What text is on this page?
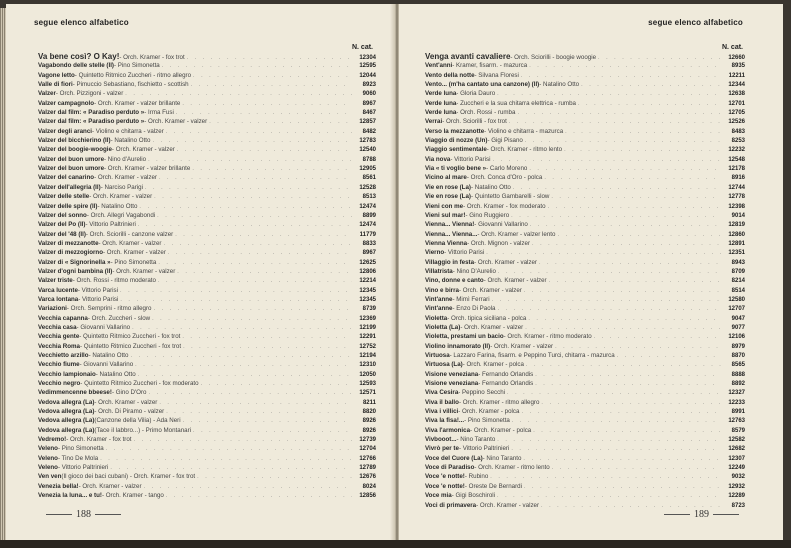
segue elenco alfabetico
N. cat.
Va bene così? O Kay! - Orch. Kramer - fox trot . . .	12304
Vagabondo delle stelle (Il) - Pino Simonetta . . .	12595
Vagone letto - Quintetto Ritmico Zuccheri - ritmo allegro . . .	12044
Valle di fiori - Pimuccio Sebastiano, fischietto - scottish . . .	8923
Valzer - Orch. Pizzigoni - valzer . . .	9060
Valzer campagnolo - Orch. Kramer - valzer brillante . . .	8967
Valzer dal film: « Paradiso perduto » - Irma Fusi . . .	8467
Valzer dal film: « Paradiso perduto » - Orch. Kramer - valzer . . .	12857
Valzer degli aranci - Violino e chitarra - valzer . . .	8482
Valzer del bicchierino (Il) - Natalino Otto . . .	12783
Valzer del boogie-woogie - Orch. Kramer - valzer . . .	12540
Valzer del buon umore - Nino d'Aurelio . . .	8788
Valzer del buon umore - Orch. Kramer - valzer brillante . . .	12905
Valzer del canarino - Orch. Kramer - valzer . . .	8561
Valzer dell'allegria (Il) - Narciso Parigi . . .	12528
Valzer delle stelle - Orch. Kramer - valzer . . .	8513
Valzer delle spire (Il) - Natalino Otto . . .	12474
Valzer del sonno - Orch. Allegri Vagabondi . . .	8899
Valzer del Po (Il) - Vittorio Paltrinieri . . .	12474
Valzer del '48 (Il) - Orch. Sciorilli - canzone valzer . . .	11779
Valzer di mezzanotte - Orch. Kramer - valzer . . .	8833
Valzer di mezzogiorno - Orch. Kramer - valzer . . .	8967
Valzer di « Signorinella » - Pino Simonetta . . .	12625
Valzer d'ogni bambina (Il) - Orch. Kramer - valzer . . .	12806
Valzer triste - Orch. Rossi - ritmo moderato . . .	12214
Varca lucente - Vittorio Parisi . . .	12345
Varca lontana - Vittorio Parisi . . .	12345
Variazioni - Orch. Semprini - ritmo allegro . . .	8739
Vecchia capanna - Orch. Zuccheri - slow . . .	12369
Vecchia casa - Giovanni Vallarino . . .	12199
Vecchia gente - Quintetto Ritmico Zuccheri - fox trot . . .	12291
Vecchia Roma - Quintetto Ritmico Zuccheri - fox trot . . .	12752
Vecchietto arzillo - Natalino Otto . . .	12194
Vecchio fiume - Giovanni Vallarino . . .	12310
Vecchio lampionaio - Natalino Otto . . .	12050
Vecchio negro - Quintetto Ritmico Zuccheri - fox moderato . . .	12593
Vedimmencenne bbeese! - Gino D'Oro . . .	12571
Vedova allegra (La) - Orch. Kramer - valzer . . .	8211
Vedova allegra (La) - Orch. Di Piramo - valzer . . .	8820
Vedova allegra (La) (Canzone della Vilia) - Ada Neri . . .	8926
Vedova allegra (La) (Tace il labbro...) - Primo Montanari . . .	8926
Vedremo! - Orch. Kramer - fox trot . . .	12739
Veleno - Pino Simonetta . . .	12704
Veleno - Tino De Mola . . .	12766
Veleno - Vittorio Paltrinieri . . .	12789
Ven ven (Il gioco dei baci cubani) - Orch. Kramer - fox trot . . .	12676
Venezia bella! - Orch. Kramer - valzer . . .	8024
Venezia la luna... e tu! - Orch. Kramer - tango . . .	12856
188
segue elenco alfabetico
N. cat.
Venga avanti cavaliere - Orch. Sciorilli - boogie woogie . . .	12660
Vent'anni - Kramer, fisarm. - mazurca . . .	8935
Vento della notte - Silvana Floresi . . .	12211
Vento... (m'ha cantato una canzone) (Il) - Natalino Otto . . .	12344
Verde luna - Gloria Dauro . . .	12638
Verde luna - Zuccheri e la sua chitarra elettrica - rumba . . .	12701
Verde luna - Orch. Rossi - rumba . . .	12705
Verrai - Orch. Sciorilli - fox trot . . .	12526
Verso la mezzanotte - Violino e chitarra - mazurca . . .	8483
Viaggio di nozze (Un) - Gigi Pisano . . .	8253
Viaggio sentimentale - Orch. Kramer - ritmo lento . . .	12232
Via nova - Vittorio Parisi . . .	12548
Via « ti voglio bene » - Carlo Moreno . . .	12178
Vicino al mare - Orch. Conca d'Oro - polca . . .	8916
Vie en rose (La) - Natalino Otto . . .	12744
Vie en rose (La) - Quintetto Gambarelli - slow . . .	12778
Vieni con me - Orch. Kramer - fox moderato . . .	12398
Vieni sul mar! - Gino Ruggiero . . .	9014
Vienna... Vienna! - Giovanni Vallarino . . .	12819
Vienna... Vienna... - Orch. Kramer - valzer lento . . .	12860
Vienna Vienna - Orch. Mignon - valzer . . .	12891
Vierno - Vittorio Parisi . . .	12351
Villaggio in festa - Orch. Kramer - valzer . . .	8943
Villatrista - Nino D'Aurelio . . .	8709
Vino, donne e canto - Orch. Kramer - valzer . . .	8214
Vino e birra - Orch. Kramer - valzer . . .	8514
Vint'anne - Mimì Ferrari . . .	12580
Vint'anne - Enzo Di Paola . . .	12707
Violetta - Orch. tipica siciliana - polca . . .	9047
Violetta (La) - Orch. Kramer - valzer . . .	9077
Violetta, prestami un bacio - Orch. Kramer - ritmo moderato . . .	12106
Violino innamorato (Il) - Orch. Kramer - valzer . . .	8979
Virtuosa - Lazzaro Farina, fisarm. e Peppino Turci, chitarra - mazurca . . .	8870
Virtuosa (La) - Orch. Kramer - polca . . .	8565
Visione veneziana - Fernando Orlandis . . .	8888
Visione veneziana - Fernando Orlandis . . .	8892
Viva Cesira - Peppino Secchi . . .	12327
Viva il ballo - Orch. Kramer - ritmo allegro . . .	12233
Viva i villici - Orch. Kramer - polca . . .	8991
Viva la fisa!... - Pino Simonetta . . .	12763
Viva l'armonica - Orch. Kramer - polca . . .	8579
Vivbooot... - Nino Taranto . . .	12582
Vivrò per te - Vittorio Paltrinieri . . .	12682
Voce del Cuore (La) - Nino Taranto . . .	12307
Voce di Paradiso - Orch. Kramer - ritmo lento . . .	12249
Voce 'e notte! - Rubino . . .	9032
Voce 'e notte! - Oreste De Bernardi . . .	12932
Voce mia - Gigi Boschiroli . . .	12289
Voci di primavera - Orch. Kramer - valzer . . .	8723
189
